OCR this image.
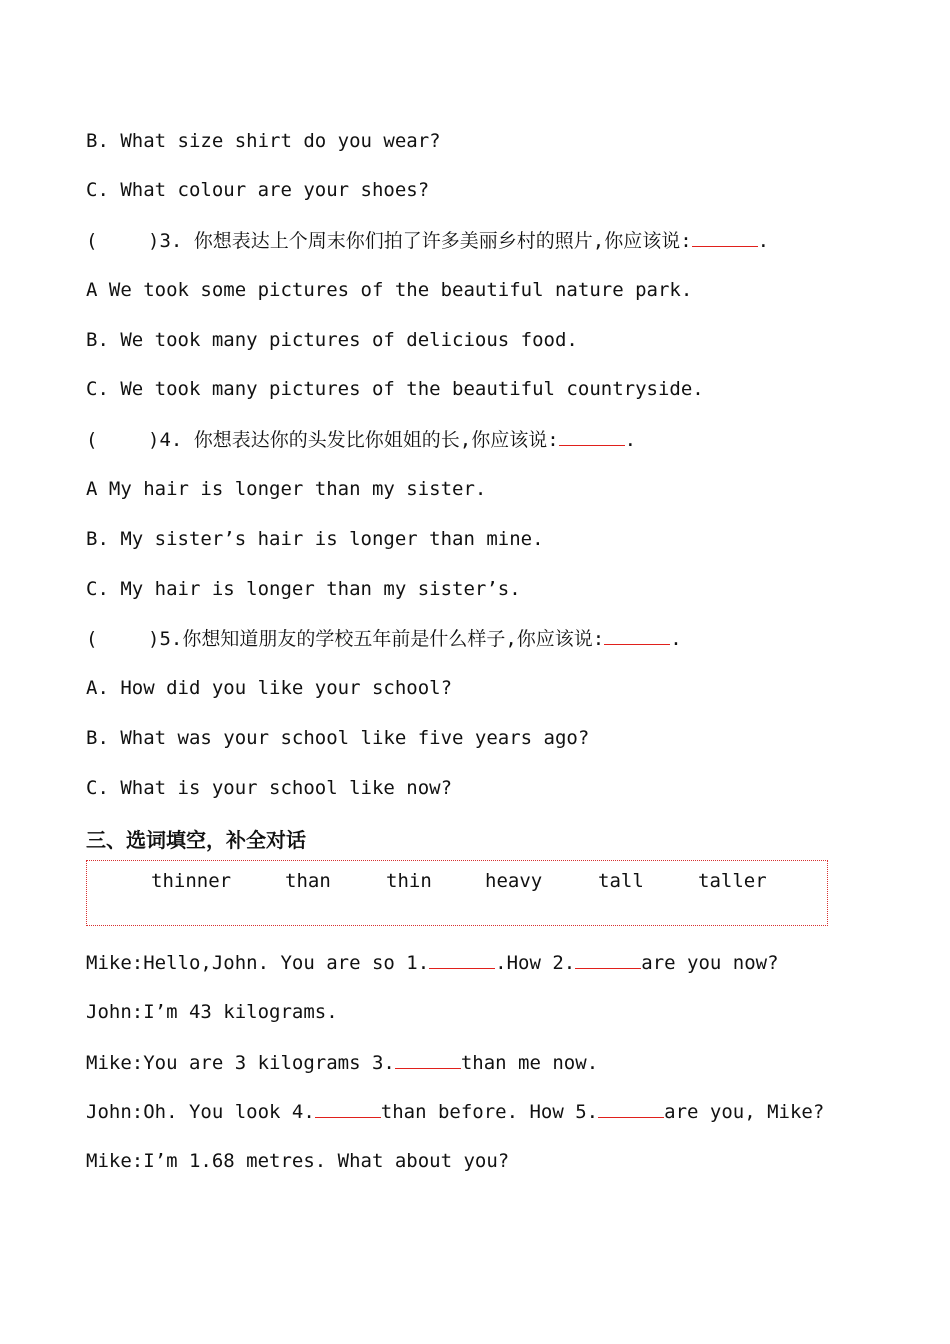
B. What size shirt do you wear?
C. What colour are your shoes?
(	)3. 你想表达上个周末你们拍了许多美丽乡村的照片,你应该说:	.
A We took some pictures of the beautiful nature park.
B. We took many pictures of delicious food.
C. We took many pictures of the beautiful countryside.
(	)4. 你想表达你的头发比你姐姐的长,你应该说:	.
A My hair is longer than my sister.
B. My sister’s hair is longer than mine.
C. My hair is longer than my sister’s.
(	)5.你想知道朋友的学校五年前是什么样子,你应该说:	.
A. How did you like your school?
B. What was your school like five years ago?
C. What is your school like now?
三、选词填空，补全对话
thinner	than	thin	heavy	tall	taller
Mike:Hello,John. You are so 1.	.How 2.	are you now?
John:I’m 43 kilograms.
Mike:You are 3 kilograms 3.	than me now.
John:Oh. You look 4.	than before. How 5.	are you, Mike?
Mike:I’m 1.68 metres. What about you?
